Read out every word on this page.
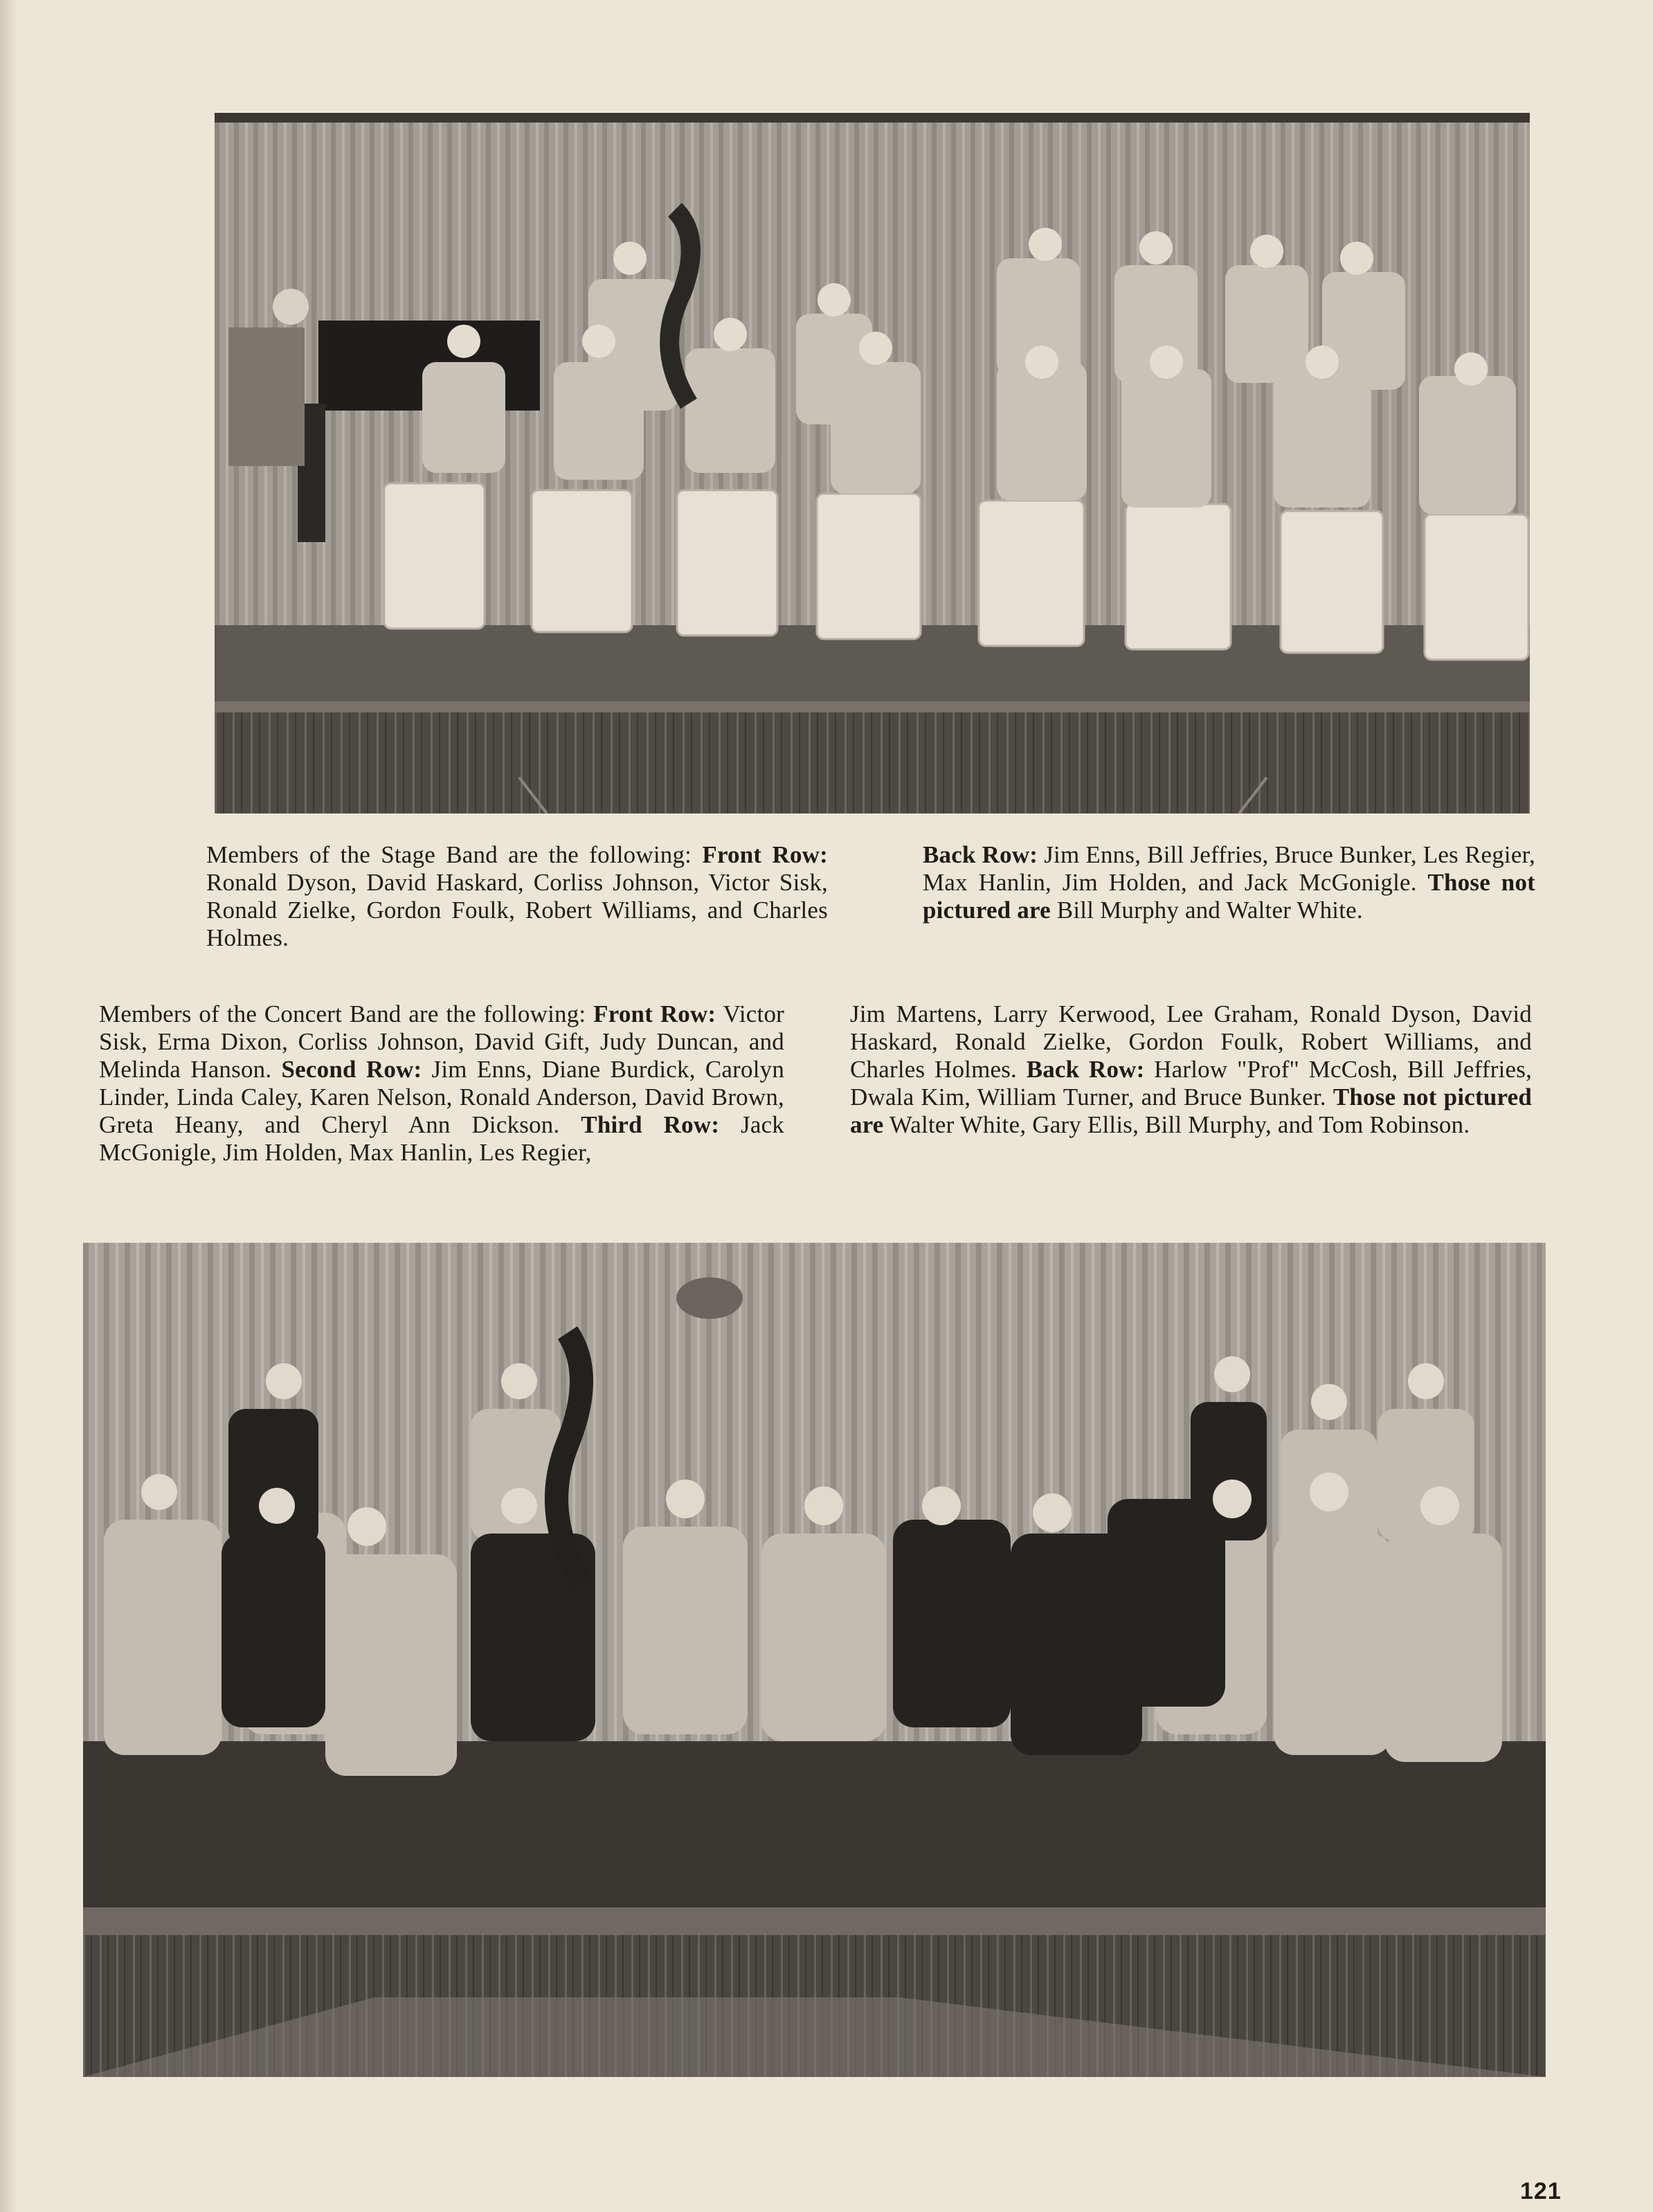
Members of the Stage Band are the following: Front Row: Ronald Dyson, David Haskard, Corliss Johnson, Victor Sisk, Ronald Zielke, Gordon Foulk, Robert Williams, and Charles Holmes.

Back Row: Jim Enns, Bill Jeffries, Bruce Bunker, Les Regier, Max Hanlin, Jim Holden, and Jack McGonigle. Those not pictured are Bill Murphy and Walter White.

Members of the Concert Band are the following: Front Row: Victor Sisk, Erma Dixon, Corliss Johnson, David Gift, Judy Duncan, and Melinda Hanson. Second Row: Jim Enns, Diane Burdick, Carolyn Linder, Linda Caley, Karen Nelson, Ronald Anderson, David Brown, Greta Heany, and Cheryl Ann Dickson. Third Row: Jack McGonigle, Jim Holden, Max Hanlin, Les Regier,

Jim Martens, Larry Kerwood, Lee Graham, Ronald Dyson, David Haskard, Ronald Zielke, Gordon Foulk, Robert Williams, and Charles Holmes. Back Row: Harlow "Prof" McCosh, Bill Jeffries, Dwala Kim, William Turner, and Bruce Bunker. Those not pictured are Walter White, Gary Ellis, Bill Murphy, and Tom Robinson.

121
